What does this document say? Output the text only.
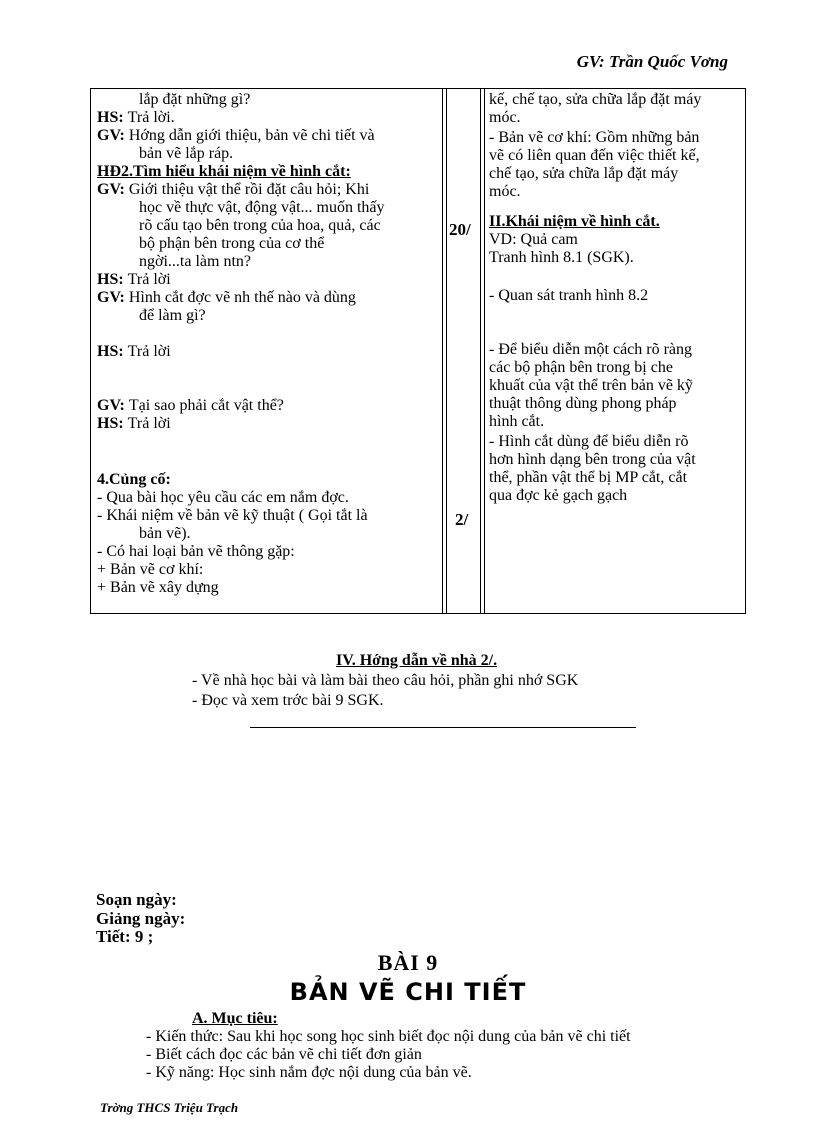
GV: Trần Quốc Vơng
lắp đặt những gì?
HS: Trả lời.
GV: Hớng dẫn giới thiệu, bản vẽ chi tiết và
bản vẽ lắp ráp.
HĐ2.Tìm hiểu khái niệm về hình cắt:
GV: Giới thiệu vật thể rồi đặt câu hỏi; Khi
học về thực vật, động vật... muốn thấy
rõ cấu tạo bên trong của hoa, quả, các
bộ phận bên trong của cơ thể
ngời...ta làm ntn?
HS: Trả lời
GV: Hình cắt đợc vẽ nh thế nào và dùng
để làm gì?
HS: Trả lời
GV: Tại sao phải cắt vật thể?
HS: Trả lời
4.Củng cố:
- Qua bài học yêu cầu các em nắm đợc.
- Khái niệm về bản vẽ kỹ thuật ( Gọi tắt là
bản vẽ).
- Có hai loại bản vẽ thông gặp:
+ Bản vẽ cơ khí:
+ Bản vẽ xây dựng
20/
2/
kế, chế tạo, sửa chữa lắp đặt máy
móc.
- Bản vẽ cơ khí: Gồm những bản
vẽ có liên quan đến việc thiết kế,
chế tạo, sửa chữa lắp đặt máy
móc.
II.Khái niệm về hình cắt.
VD: Quả cam
Tranh hình 8.1 (SGK).
- Quan sát tranh hình 8.2
- Để biểu diễn một cách rõ ràng
các bộ phận bên trong bị che
khuất của vật thể trên bản vẽ kỹ
thuật thông dùng phong pháp
hình cắt.
- Hình cắt dùng để biểu diễn rõ
hơn hình dạng bên trong của vật
thể, phần vật thể bị MP cắt, cắt
qua đợc kẻ gạch gạch
IV. Hớng dẫn về nhà 2/.
- Về nhà học bài và làm bài theo câu hỏi, phần ghi nhớ SGK
- Đọc và xem trớc bài 9 SGK.
Soạn ngày:
Giảng ngày:
Tiết: 9 ;
BÀI 9
BẢN VẼ CHI TIẾT
A. Mục tiêu:
- Kiến thức: Sau khi học song học sinh biết đọc nội dung của bản vẽ chi tiết
- Biết cách đọc các bản vẽ chi tiết đơn giản
- Kỹ năng: Học sinh nắm đợc nội dung của bản vẽ.
Trờng THCS Triệu Trạch
